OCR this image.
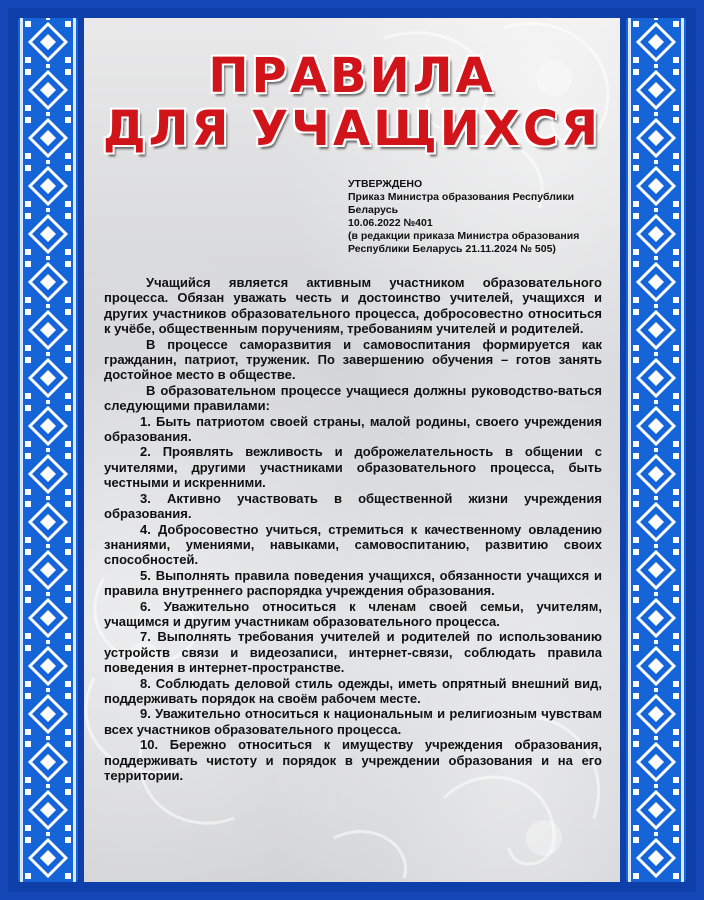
ПРАВИЛА
ДЛЯ УЧАЩИХСЯ
УТВЕРЖДЕНО
Приказ Министра образования Республики
Беларусь
10.06.2022 №401
(в редакции приказа Министра образования
Республики Беларусь 21.11.2024 № 505)

Учащийся является активным участником образовательного процесса. Обязан уважать честь и достоинство учителей, учащихся и других участников образовательного процесса, добросовестно относиться к учёбе, общественным поручениям, требованиям учителей и родителей.

В процессе саморазвития и самовоспитания формируется как гражданин, патриот, труженик. По завершению обучения – готов занять достойное место в обществе.

В образовательном процессе учащиеся должны руководство-ваться следующими правилами:

1. Быть патриотом своей страны, малой родины, своего учреждения образования.

2. Проявлять вежливость и доброжелательность в общении с учителями, другими участниками образовательного процесса, быть честными и искренними.

3. Активно участвовать в общественной жизни учреждения образования.

4. Добросовестно учиться, стремиться к качественному овладению знаниями, умениями, навыками, самовоспитанию, развитию своих способностей.

5. Выполнять правила поведения учащихся, обязанности учащихся и правила внутреннего распорядка учреждения образования.

6. Уважительно относиться к членам своей семьи, учителям, учащимся и другим участникам образовательного процесса.

7. Выполнять требования учителей и родителей по использованию устройств связи и видеозаписи, интернет-связи, соблюдать правила поведения в интернет-пространстве.

8. Соблюдать деловой стиль одежды, иметь опрятный внешний вид, поддерживать порядок на своём рабочем месте.

9. Уважительно относиться к национальным и религиозным чувствам всех участников образовательного процесса.

10. Бережно относиться к имуществу учреждения образования, поддерживать чистоту и порядок в учреждении образования и на его территории.
